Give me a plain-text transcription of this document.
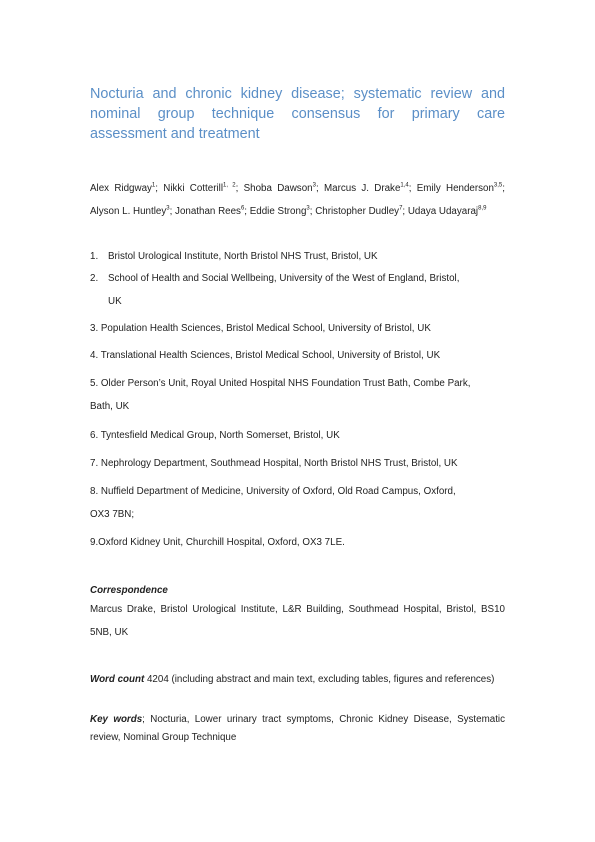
Nocturia and chronic kidney disease; systematic review and nominal group technique consensus for primary care assessment and treatment
Alex Ridgway$^1$; Nikki Cotterill$^{1, 2}$; Shoba Dawson$^3$; Marcus J. Drake$^{1,4}$; Emily Henderson$^{3,5}$; Alyson L. Huntley$^3$; Jonathan Rees$^6$; Eddie Strong$^3$; Christopher Dudley$^7$; Udaya Udayaraj$^{8,9}$
1.	Bristol Urological Institute, North Bristol NHS Trust, Bristol, UK
2.	School of Health and Social Wellbeing, University of the West of England, Bristol,
UK
3. Population Health Sciences, Bristol Medical School, University of Bristol, UK
4. Translational Health Sciences, Bristol Medical School, University of Bristol, UK
5. Older Person’s Unit, Royal United Hospital NHS Foundation Trust Bath, Combe Park,
Bath, UK
6. Tyntesfield Medical Group, North Somerset, Bristol, UK
7. Nephrology Department, Southmead Hospital, North Bristol NHS Trust, Bristol, UK
8. Nuffield Department of Medicine, University of Oxford, Old Road Campus, Oxford,
OX3 7BN;
9.Oxford Kidney Unit, Churchill Hospital, Oxford, OX3 7LE.
Correspondence
Marcus Drake, Bristol Urological Institute, L&R Building, Southmead Hospital, Bristol, BS10 5NB, UK
Word count 4204 (including abstract and main text, excluding tables, figures and references)
Key words; Nocturia, Lower urinary tract symptoms, Chronic Kidney Disease, Systematic review, Nominal Group Technique
